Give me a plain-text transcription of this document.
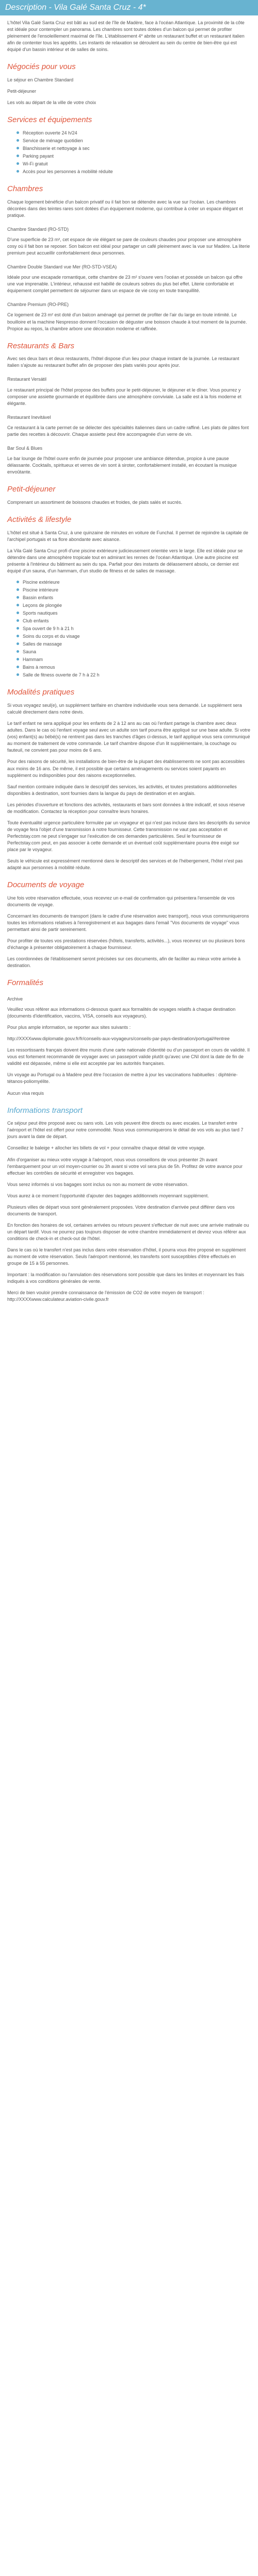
Description - Vila Galé Santa Cruz - 4*

L'hôtel Vila Galé Santa Cruz est bâti au sud est de l'île de Madère, face à l'océan Atlantique. La proximité de la côte est idéale pour contempler un panorama. Les chambres sont toutes dotées d'un balcon qui permet de profiter pleinement de l'ensoleillement maximal de l'île. L'établissement 4* abrite un restaurant buffet et un restaurant italien afin de contenter tous les appétits. Les instants de relaxation se déroulent au sein du centre de bien-être qui est équipé d'un bassin intérieur et de salles de soins.

Négociés pour vous

Le séjour en Chambre Standard

Petit-déjeuner

Les vols au départ de la ville de votre choix

Services et équipements
Réception ouverte 24 h/24
Service de ménage quotidien
Blanchisserie et nettoyage à sec
Parking payant
Wi-Fi gratuit
Accès pour les personnes à mobilité réduite
Chambres

Chaque logement bénéficie d'un balcon privatif ou il fait bon se détendre avec la vue sur l'océan. Les chambres décorées dans des teintes rares sont dotées d'un équipement moderne, qui contribue à créer un espace élégant et pratique.

Chambre Standard (RO-STD)

D'une superficie de 23 m², cet espace de vie élégant se pare de couleurs chaudes pour proposer une atmosphère cosy où il fait bon se reposer. Son balcon est idéal pour partager un café pleinement avec la vue sur Madère. La literie premium peut accueillir confortablement deux personnes.

Chambre Double Standard vue Mer (RO-STD-VSEA)

Idéale pour une escapade romantique, cette chambre de 23 m² s'ouvre vers l'océan et possède un balcon qui offre une vue imprenable. L'intérieur, rehaussé est habillé de couleurs sobres du plus bel effet. Literie confortable et équipement complet permettent de séjourner dans un espace de vie cosy en toute tranquillité.

Chambre Premium (RO-PRE)

Ce logement de 23 m² est doté d'un balcon aménagé qui permet de profiter de l'air du large en toute intimité. Le bouilloire et la machine Nespresso donnent l'occasion de déguster une boisson chaude à tout moment de la journée. Propice au repos, la chambre arbore une décoration moderne et raffinée.

Restaurants & Bars

Avec ses deux bars et deux restaurants, l'hôtel dispose d'un lieu pour chaque instant de la journée. Le restaurant italien s'ajoute au restaurant buffet afin de proposer des plats variés pour après jour.

Restaurant Versátil

Le restaurant principal de l'hôtel propose des buffets pour le petit-déjeuner, le déjeuner et le dîner. Vous pourrez y composer une assiette gourmande et équilibrée dans une atmosphère conviviale. La salle est à la fois moderne et élégante.

Restaurant Inevitável

Ce restaurant à la carte permet de se délecter des spécialités italiennes dans un cadre raffiné. Les plats de pâtes font partie des recettes à découvrir. Chaque assiette peut être accompagnée d'un verre de vin.

Bar Soul & Blues

Le bar lounge de l'hôtel ouvre enfin de journée pour proposer une ambiance détendue, propice à une pause délassante. Cocktails, spiritueux et verres de vin sont à siroter, confortablement installé, en écoutant la musique envoûtante.

Petit-déjeuner

Comprenant un assortiment de boissons chaudes et froides, de plats salés et sucrés.

Activités & lifestyle

L'hôtel est situé à Santa Cruz, à une quinzaine de minutes en voiture de Funchal. Il permet de rejoindre la capitale de l'archipel portugais et sa flore abondante avec aisance.

La Vila Galé Santa Cruz profi d'une piscine extérieure judicieusement orientée vers le large. Elle est idéale pour se détendre dans une atmosphère tropicale tout en admirant les rennes de l'océan Atlantique. Une autre piscine est présente à l'intérieur du bâtiment au sein du spa. Parfait pour des instants de délassement absolu, ce dernier est équipé d'un sauna, d'un hammam, d'un studio de fitness et de salles de massage.

Piscine extérieure
Piscine intérieure
Bassin enfants
Leçons de plongée
Sports nautiques
Club enfants
Spa ouvert de 9 h à 21 h
Soins du corps et du visage
Salles de massage
Sauna
Hammam
Bains à remous
Salle de fitness ouverte de 7 h à 22 h
Modalités pratiques

Si vous voyagez seul(e), un supplément tarifaire en chambre individuelle vous sera demandé. Le supplément sera calculé directement dans notre devis.

Le tarif enfant ne sera appliqué pour les enfants de 2 à 12 ans au cas où l'enfant partage la chambre avec deux adultes. Dans le cas où l'enfant voyage seul avec un adulte son tarif pourra être appliqué sur une base adulte. Si votre (vos) enfant(s) au bébé(s) ne rentrent pas dans les tranches d'âges ci-dessus, le tarif appliqué vous sera communiqué au moment de traitement de votre commande. Le tarif chambre dispose d'un lit supplémentaire, la couchage ou fauteuil, ne convient pas pour moins de 6 ans.

Pour des raisons de sécurité, les installations de bien-être de la plupart des établissements ne sont pas accessibles aux moins de 16 ans. De même, il est possible que certains aménagements ou services soient payants en supplément ou indisponibles pour des raisons exceptionnelles.

Sauf mention contraire indiquée dans le descriptif des services, les activités, et toutes prestations additionnelles disponibles à destination, sont fournies dans la langue du pays de destination et en anglais.

Les périodes d'ouverture et fonctions des activités, restaurants et bars sont données à titre indicatif, et sous réserve de modification. Contactez la réception pour connaître leurs horaires.

Toute éventualité urgence particulière formulée par un voyageur et qui n'est pas incluse dans les descriptifs du service de voyage fera l'objet d'une transmission à notre fournisseur. Cette transmission ne vaut pas acceptation et Perfectstay.com ne peut s'engager sur l'exécution de ces demandes particulières. Seul le fournisseur de Perfectstay.com peut, en pas associer à cette demande et un éventuel coût supplémentaire pourra être exigé sur place par le voyageur.

Seuls le véhicule est expressément mentionné dans le descriptif des services et de l'hébergement, l'hôtel n'est pas adapté aux personnes à mobilité réduite.

Documents de voyage

Une fois votre réservation effectuée, vous recevrez un e-mail de confirmation qui présentera l'ensemble de vos documents de voyage.

Concernant les documents de transport (dans le cadre d'une réservation avec transport), nous vous communiquerons toutes les informations relatives à l'enregistrement et aux bagages dans l'email "Vos documents de voyage" vous permettant ainsi de partir sereinement.

Pour profiter de toutes vos prestations réservées (hôtels, transferts, activités...), vous recevrez un ou plusieurs bons d'échange à présenter obligatoirement à chaque fournisseur.

Les coordonnées de l'établissement seront précisées sur ces documents, afin de faciliter au mieux votre arrivée à destination.

Formalités
Archive

Veuillez vous référer aux informations ci-dessous quant aux formalités de voyages relatifs à chaque destination (documents d'identification, vaccins, VISA, conseils aux voyageurs).

Pour plus ample information, se reporter aux sites suivants :

http://XXXXwww.diplomatie.gouv.fr/fr/conseils-aux-voyageurs/conseils-par-pays-destination/portugal/#entree

Les ressortissants français doivent être munis d'une carte nationale d'identité ou d'un passeport en cours de validité. Il vous est fortement recommandé de voyager avec un passeport valide plutôt qu'avec une CNI dont la date de fin de validité est dépassée, même si elle est acceptée par les autorités françaises.

Un voyage au Portugal ou à Madère peut être l'occasion de mettre à jour les vaccinations habituelles : diphtérie-tétanos-poliomyélite.

Aucun visa requis

Informations transport

Ce séjour peut être proposé avec ou sans vols. Les vols peuvent être directs ou avec escales. Le transfert entre l'aéroport et l'hôtel est offert pour notre commodité. Nous vous communiquerons le détail de vos vols au plus tard 7 jours avant la date de départ.

Conseillez le baleige + allocher les billets de vol + pour connaître chaque détail de votre voyage.

Afin d'organiser au mieux votre voyage à l'aéroport, nous vous conseillons de vous présenter 2h avant l'embarquement pour un vol moyen-courrier ou 3h avant si votre vol sera plus de 5h. Profitez de votre avance pour effectuer les contrôles de sécurité et enregistrer vos bagages.

Vous serez informés si vos bagages sont inclus ou non au moment de votre réservation.

Vous aurez à ce moment l'opportunité d'ajouter des bagages additionnels moyennant supplément.

Plusieurs villes de départ vous sont généralement proposées. Votre destination d'arrivée peut différer dans vos documents de transport.

En fonction des horaires de vol, certaines arrivées ou retours peuvent s'effectuer de nuit avec une arrivée matinale ou un départ tardif. Vous ne pourrez pas toujours disposer de votre chambre immédiatement et devrez vous référer aux conditions de check-in et check-out de l'hôtel.

Dans le cas où le transfert n'est pas inclus dans votre réservation d'hôtel, il pourra vous être proposé en supplément au moment de votre réservation. Seuls l'aéroport mentionné, les transferts sont susceptibles d'être effectués en groupe de 15 à 55 personnes.

Important : la modification ou l'annulation des réservations sont possible que dans les limites et moyennant les frais indiqués à vos conditions générales de vente.

Merci de bien vouloir prendre connaissance de l'émission de CO2 de votre moyen de transport : http://XXXXwww.calculateur.aviation-civile.gouv.fr
